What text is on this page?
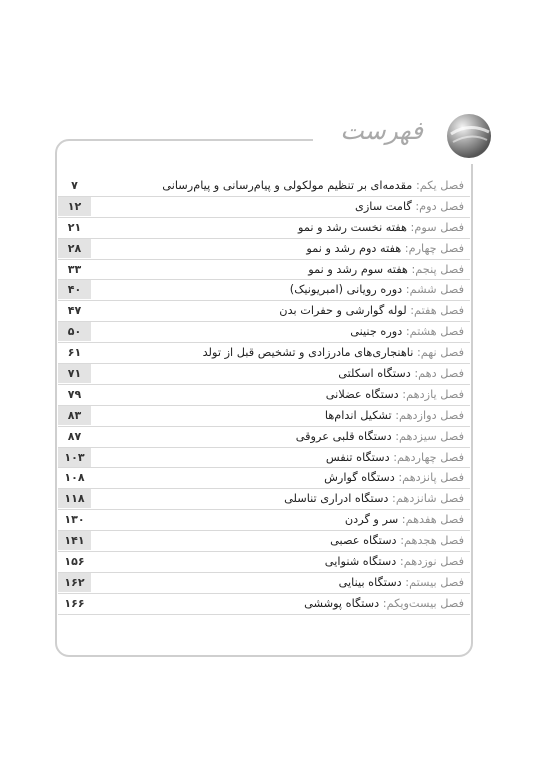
فهرست
۷	فصل یکم: مقدمه‌ای بر تنظیم مولکولی و پیام‌رسانی و پیام‌رسانی
۱۲	فصل دوم: گامت سازی
۲۱	فصل سوم: هفته نخست رشد و نمو
۲۸	فصل چهارم: هفته دوم رشد و نمو
۳۳	فصل پنجم: هفته سوم رشد و نمو
۴۰	فصل ششم: دوره رویانی (امبریونیک)
۴۷	فصل هفتم: لوله گوارشی و حفرات بدن
۵۰	فصل هشتم: دوره جنینی
۶۱	فصل نهم: ناهنجاری‌های مادرزادی و تشخیص قبل از تولد
۷۱	فصل دهم: دستگاه اسکلتی
۷۹	فصل یازدهم: دستگاه عضلانی
۸۳	فصل دوازدهم: تشکیل اندام‌ها
۸۷	فصل سیزدهم: دستگاه قلبی عروقی
۱۰۳	فصل چهاردهم: دستگاه تنفس
۱۰۸	فصل پانزدهم: دستگاه گوارش
۱۱۸	فصل شانزدهم: دستگاه ادراری تناسلی
۱۳۰	فصل هفدهم: سر و گردن
۱۴۱	فصل هجدهم: دستگاه عصبی
۱۵۶	فصل نوزدهم: دستگاه شنوایی
۱۶۲	فصل بیستم: دستگاه بینایی
۱۶۶	فصل بیست‌ویکم: دستگاه پوششی
